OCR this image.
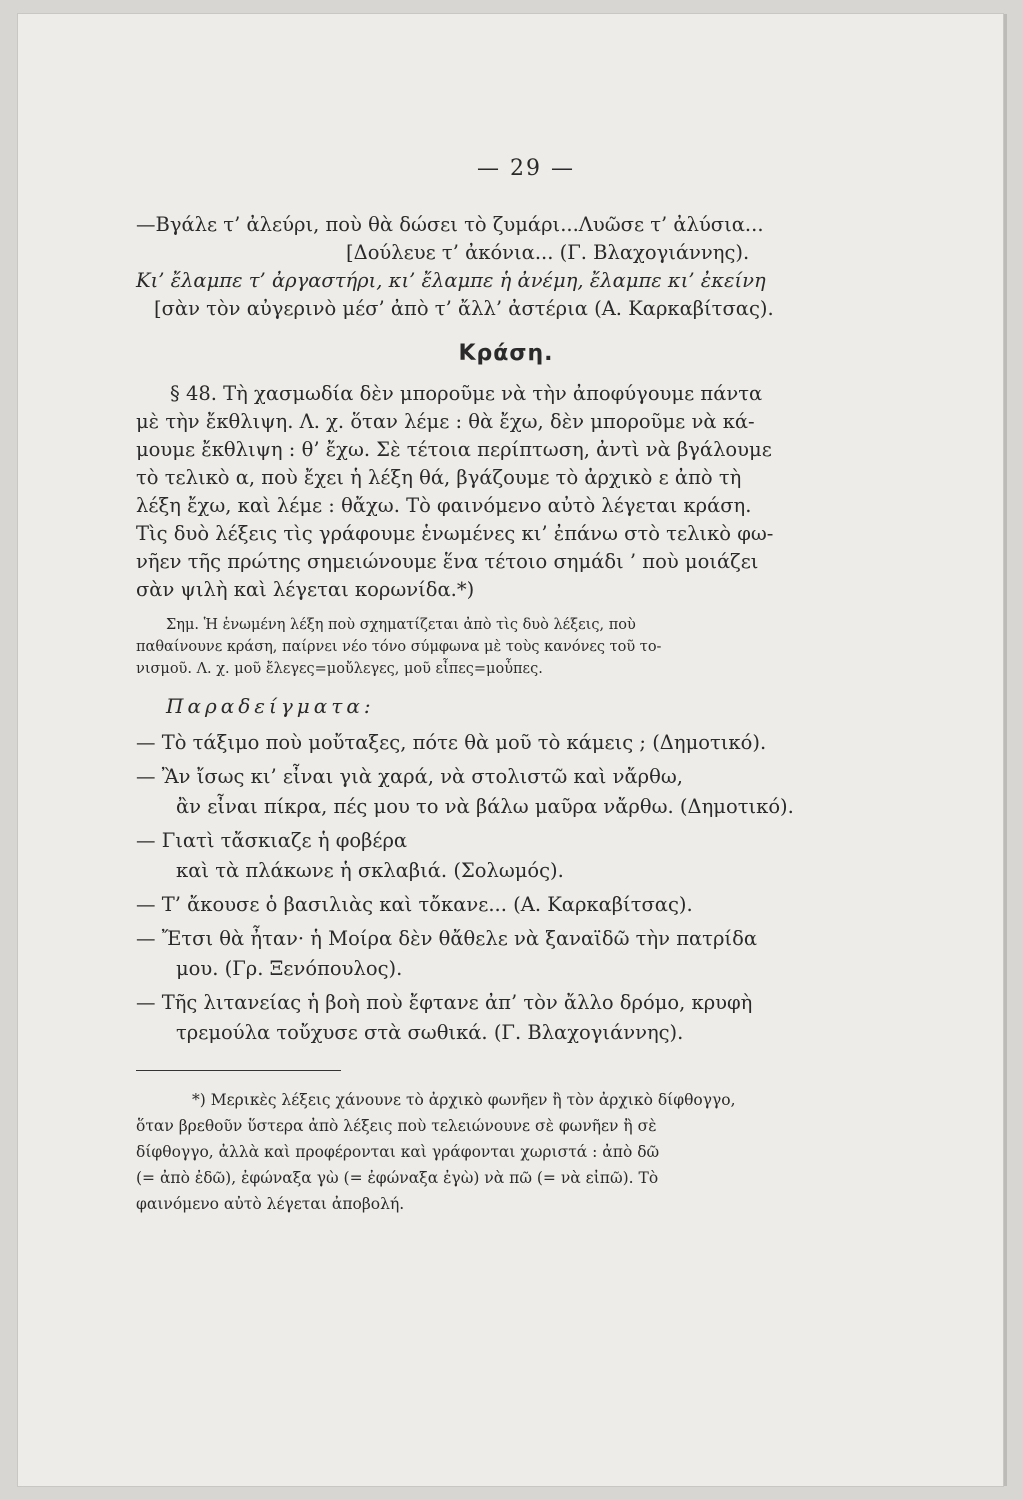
— 29 —
—Βγάλε τ’ ἀλεύρι, ποὺ θὰ δώσει τὸ ζυμάρι...Λυῶσε τ’ ἀλύσια...
[Δούλευε τ’ ἀκόνια... (Γ. Βλαχογιάννης).
Κι’ ἔλαμπε τ’ ἀργαστήρι, κι’ ἔλαμπε ἡ ἀνέμη, ἔλαμπε κι’ ἐκείνη
[σὰν τὸν αὐγερινὸ μέσ’ ἀπὸ τ’ ἄλλ’ ἀστέρια (Α. Καρκαβίτσας).
Κράση.
§ 48. Τὴ χασμωδία δὲν μποροῦμε νὰ τὴν ἀποφύγουμε πάντα
μὲ τὴν ἔκθλιψη. Λ. χ. ὅταν λέμε : θὰ ἔχω, δὲν μποροῦμε νὰ κά-
μουμε ἔκθλιψη : θ’ ἔχω. Σὲ τέτοια περίπτωση, ἀντὶ νὰ βγάλουμε
τὸ τελικὸ α, ποὺ ἔχει ἡ λέξη θά, βγάζουμε τὸ ἀρχικὸ ε ἀπὸ τὴ
λέξη ἔχω, καὶ λέμε : θἄχω. Τὸ φαινόμενο αὐτὸ λέγεται κράση.
Τὶς δυὸ λέξεις τὶς γράφουμε ἑνωμένες κι’ ἐπάνω στὸ τελικὸ φω-
νῆεν τῆς πρώτης σημειώνουμε ἕνα τέτοιο σημάδι ’ ποὺ μοιάζει
σὰν ψιλὴ καὶ λέγεται κορωνίδα.*)
Σημ. Ἡ ἑνωμένη λέξη ποὺ σχηματίζεται ἀπὸ τὶς δυὸ λέξεις, ποὺ
παθαίνουνε κράση, παίρνει νέο τόνο σύμφωνα μὲ τοὺς κανόνες τοῦ το-
νισμοῦ. Λ. χ. μοῦ ἔλεγες=μοὔλεγες, μοῦ εἶπες=μοὖπες.
Παραδείγματα:
— Τὸ τάξιμο ποὺ μοὔταξες, πότε θὰ μοῦ τὸ κάμεις ; (Δημοτικό).
— Ἂν ἴσως κι’ εἶναι γιὰ χαρά, νὰ στολιστῶ καὶ νἄρθω,
ἂν εἶναι πίκρα, πές μου το νὰ βάλω μαῦρα νἄρθω. (Δημοτικό).
— Γιατὶ τἄσκιαζε ἡ φοβέρα
καὶ τὰ πλάκωνε ἡ σκλαβιά. (Σολωμός).
— Τ’ ἄκουσε ὁ βασιλιὰς καὶ τὄκανε... (Α. Καρκαβίτσας).
— Ἔτσι θὰ ἦταν· ἡ Μοίρα δὲν θἄθελε νὰ ξαναϊδῶ τὴν πατρίδα
μου. (Γρ. Ξενόπουλος).
— Τῆς λιτανείας ἡ βοὴ ποὺ ἔφτανε ἀπ’ τὸν ἄλλο δρόμο, κρυφὴ
τρεμούλα τοὔχυσε στὰ σωθικά. (Γ. Βλαχογιάννης).
*) Μερικὲς λέξεις χάνουνε τὸ ἀρχικὸ φωνῆεν ἢ τὸν ἀρχικὸ δίφθογγο,
ὅταν βρεθοῦν ὕστερα ἀπὸ λέξεις ποὺ τελειώνουνε σὲ φωνῆεν ἢ σὲ
δίφθογγο, ἀλλὰ καὶ προφέρονται καὶ γράφονται χωριστά : ἀπὸ δῶ
(= ἀπὸ ἐδῶ), ἐφώναξα γὼ (= ἐφώναξα ἐγὼ) νὰ πῶ (= νὰ εἰπῶ). Τὸ
φαινόμενο αὐτὸ λέγεται ἀποβολή.
